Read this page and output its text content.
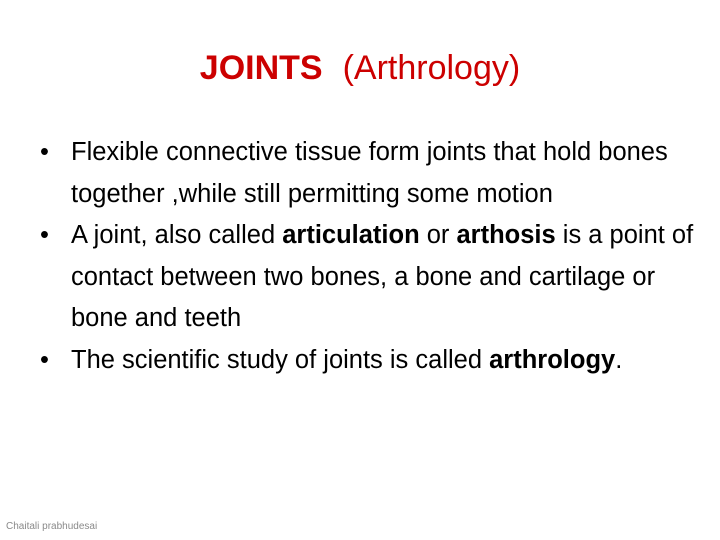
JOINTS (Arthrology)
• Flexible connective tissue form joints that hold bones together ,while still permitting some motion
• A joint, also called articulation or arthosis is a point of contact between two bones, a bone and cartilage or bone and teeth
• The scientific study of joints is called arthrology.
Chaitali prabhudesai
